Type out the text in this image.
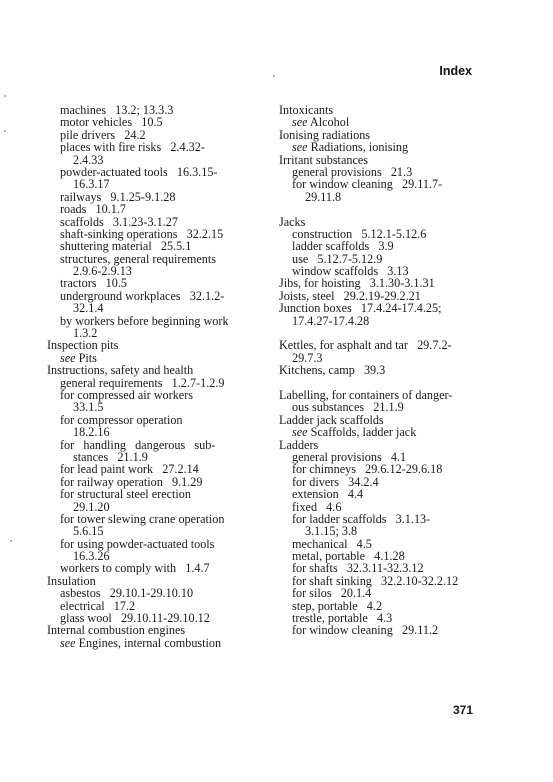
Index
machines   13.2; 13.3.3
motor vehicles   10.5
pile drivers   24.2
places with fire risks   2.4.32-
2.4.33
powder-actuated tools   16.3.15-
16.3.17
railways   9.1.25-9.1.28
roads   10.1.7
scaffolds   3.1.23-3.1.27
shaft-sinking operations   32.2.15
shuttering material   25.5.1
structures, general requirements
2.9.6-2.9.13
tractors   10.5
underground workplaces   32.1.2-
32.1.4
by workers before beginning work
1.3.2
Inspection pits
see Pits
Instructions, safety and health
general requirements   1.2.7-1.2.9
for compressed air workers
33.1.5
for compressor operation
18.2.16
for   handling   dangerous   sub-
stances   21.1.9
for lead paint work   27.2.14
for railway operation   9.1.29
for structural steel erection
29.1.20
for tower slewing crane operation
5.6.15
for using powder-actuated tools
16.3.26
workers to comply with   1.4.7
Insulation
asbestos   29.10.1-29.10.10
electrical   17.2
glass wool   29.10.11-29.10.12
Internal combustion engines
see Engines, internal combustion
Intoxicants
see Alcohol
Ionising radiations
see Radiations, ionising
Irritant substances
general provisions   21.3
for window cleaning   29.11.7-
29.11.8
Jacks
construction   5.12.1-5.12.6
ladder scaffolds   3.9
use   5.12.7-5.12.9
window scaffolds   3.13
Jibs, for hoisting   3.1.30-3.1.31
Joists, steel   29.2.19-29.2.21
Junction boxes   17.4.24-17.4.25;
17.4.27-17.4.28
Kettles, for asphalt and tar   29.7.2-
29.7.3
Kitchens, camp   39.3
Labelling, for containers of danger-
ous substances   21.1.9
Ladder jack scaffolds
see Scaffolds, ladder jack
Ladders
general provisions   4.1
for chimneys   29.6.12-29.6.18
for divers   34.2.4
extension   4.4
fixed   4.6
for ladder scaffolds   3.1.13-
3.1.15; 3.8
mechanical   4.5
metal, portable   4.1.28
for shafts   32.3.11-32.3.12
for shaft sinking   32.2.10-32.2.12
for silos   20.1.4
step, portable   4.2
trestle, portable   4.3
for window cleaning   29.11.2
371
